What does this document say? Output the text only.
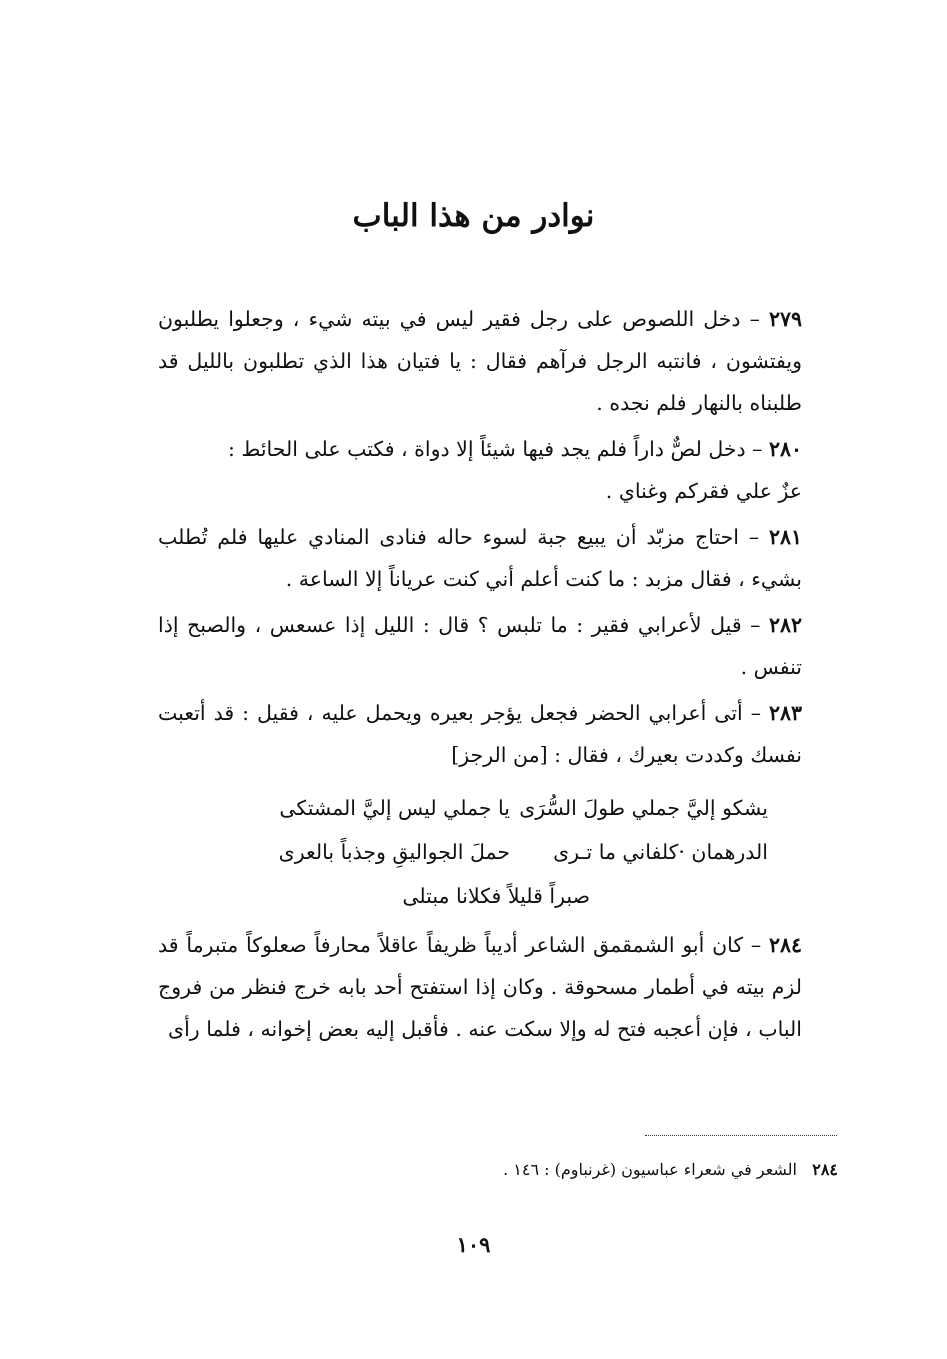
نوادر من هذا الباب

٢٧٩ – دخل اللصوص على رجل فقير ليس في بيته شيء ، وجعلوا يطلبون ويفتشون ، فانتبه الرجل فرآهم فقال : يا فتيان هذا الذي تطلبون بالليل قد طلبناه بالنهار فلم نجده .

٢٨٠ – دخل لصٌّ داراً فلم يجد فيها شيئاً إلا دواة ، فكتب على الحائط :
عزٌ علي فقركم وغناي .

٢٨١ – احتاج مزبّد أن يبيع جبة لسوء حاله فنادى المنادي عليها فلم تُطلب بشيء ، فقال مزبد : ما كنت أعلم أني كنت عرياناً إلا الساعة .

٢٨٢ – قيل لأعرابي فقير : ما تلبس ؟ قال : الليل إذا عسعس ، والصبح إذا تنفس .

٢٨٣ – أتى أعرابي الحضر فجعل يؤجر بعيره ويحمل عليه ، فقيل : قد أتعبت نفسك وكددت بعيرك ، فقال : [من الرجز]

يشكو إليَّ جملي طولَ السُّرَى
يا جملي ليس إليَّ المشتكى
الدرهمان ·كلفاني ما تـرى
حملَ الجواليقِ وجذباً بالعرى
صبراً قليلاً فكلانا مبتلى

٢٨٤ – كان أبو الشمقمق الشاعر أديباً ظريفاً عاقلاً محارفاً صعلوكاً متبرماً قد لزم بيته في أطمار مسحوقة . وكان إذا استفتح أحد بابه خرج فنظر من فروج الباب ، فإن أعجبه فتح له وإلا سكت عنه . فأقبل إليه بعض إخوانه ، فلما رأى

٢٨٤   الشعر في شعراء عباسيون (غرنباوم) : ١٤٦ .
١٠٩
